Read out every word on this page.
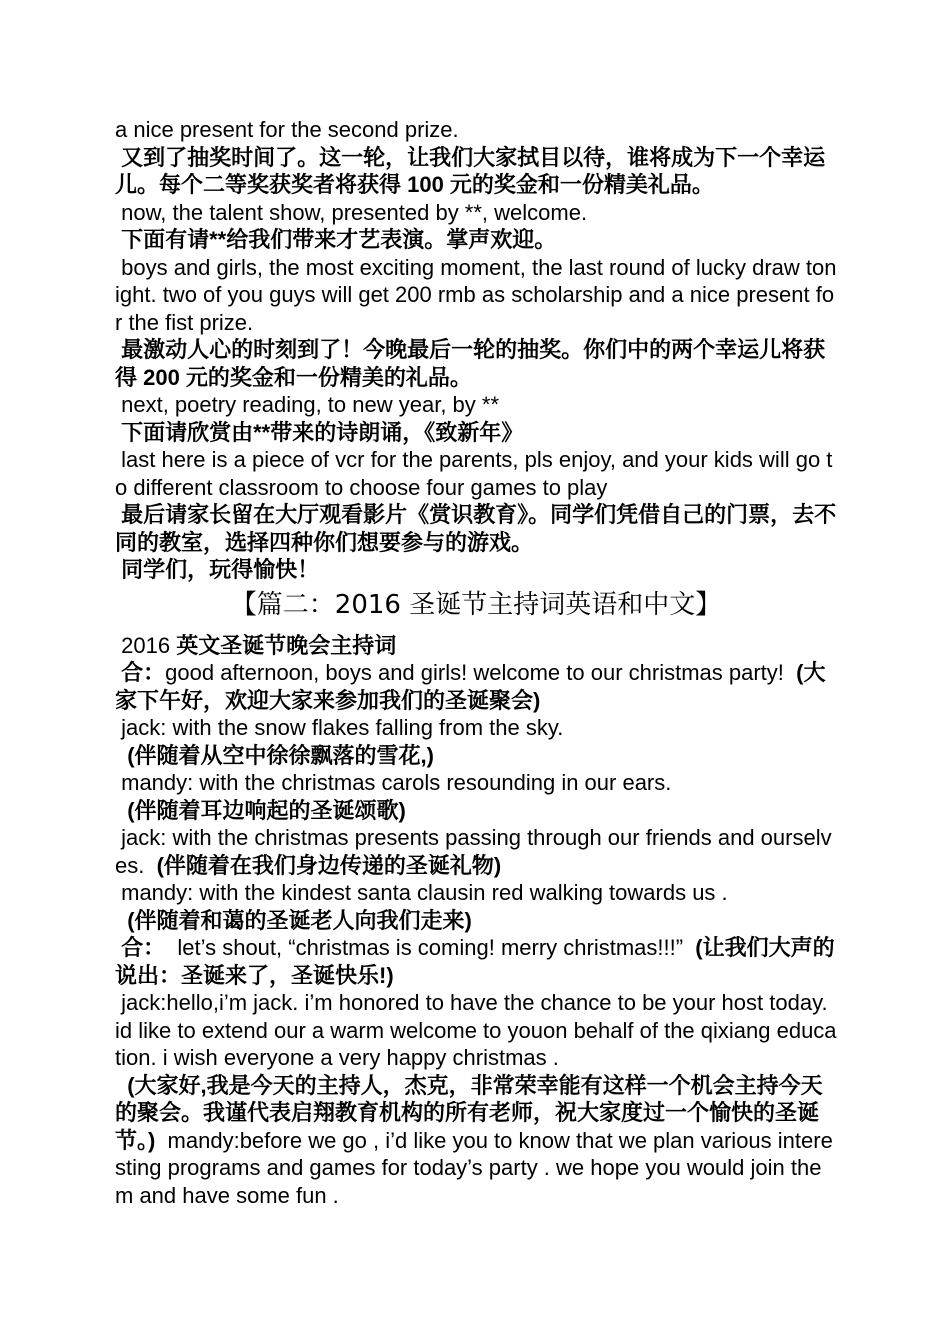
a nice present for the second prize.
又到了抽奖时间了。这一轮，让我们大家拭目以待，谁将成为下一个幸运儿。每个二等奖获奖者将获得 100 元的奖金和一份精美礼品。
now, the talent show, presented by **, welcome.
下面有请**给我们带来才艺表演。掌声欢迎。
boys and girls, the most exciting moment, the last round of lucky draw tonight. two of you guys will get 200 rmb as scholarship and a nice present for the fist prize.
最激动人心的时刻到了！今晚最后一轮的抽奖。你们中的两个幸运儿将获得 200 元的奖金和一份精美的礼品。
next, poetry reading, to new year, by **
下面请欣赏由**带来的诗朗诵，《致新年》
last here is a piece of vcr for the parents, pls enjoy, and your kids will go to different classroom to choose four games to play
最后请家长留在大厅观看影片《赏识教育》。同学们凭借自己的门票，去不同的教室，选择四种你们想要参与的游戏。
同学们，玩得愉快！
【篇二：2016 圣诞节主持词英语和中文】
2016 英文圣诞节晚会主持词
合：good afternoon, boys and girls! welcome to our christmas party!  (大家下午好，欢迎大家来参加我们的圣诞聚会)
jack: with the snow flakes falling from the sky.
(伴随着从空中徐徐飘落的雪花,)
mandy: with the christmas carols resounding in our ears.
(伴随着耳边响起的圣诞颂歌)
jack: with the christmas presents passing through our friends and ourselves.  (伴随着在我们身边传递的圣诞礼物)
mandy: with the kindest santa clausin red walking towards us .
(伴随着和蔼的圣诞老人向我们走来)
合：  let’s shout, “christmas is coming! merry christmas!!!”  (让我们大声的说出：圣诞来了，圣诞快乐!)
jack:hello,i’m jack. i’m honored to have the chance to be your host today.  id like to extend our a warm welcome to youon behalf of the qixiang education. i wish everyone a very happy christmas .
(大家好,我是今天的主持人，杰克，非常荣幸能有这样一个机会主持今天的聚会。我谨代表启翔教育机构的所有老师，祝大家度过一个愉快的圣诞节。)  mandy:before we go , i’d like you to know that we plan various interesting programs and games for today’s party . we hope you would join them and have some fun .
